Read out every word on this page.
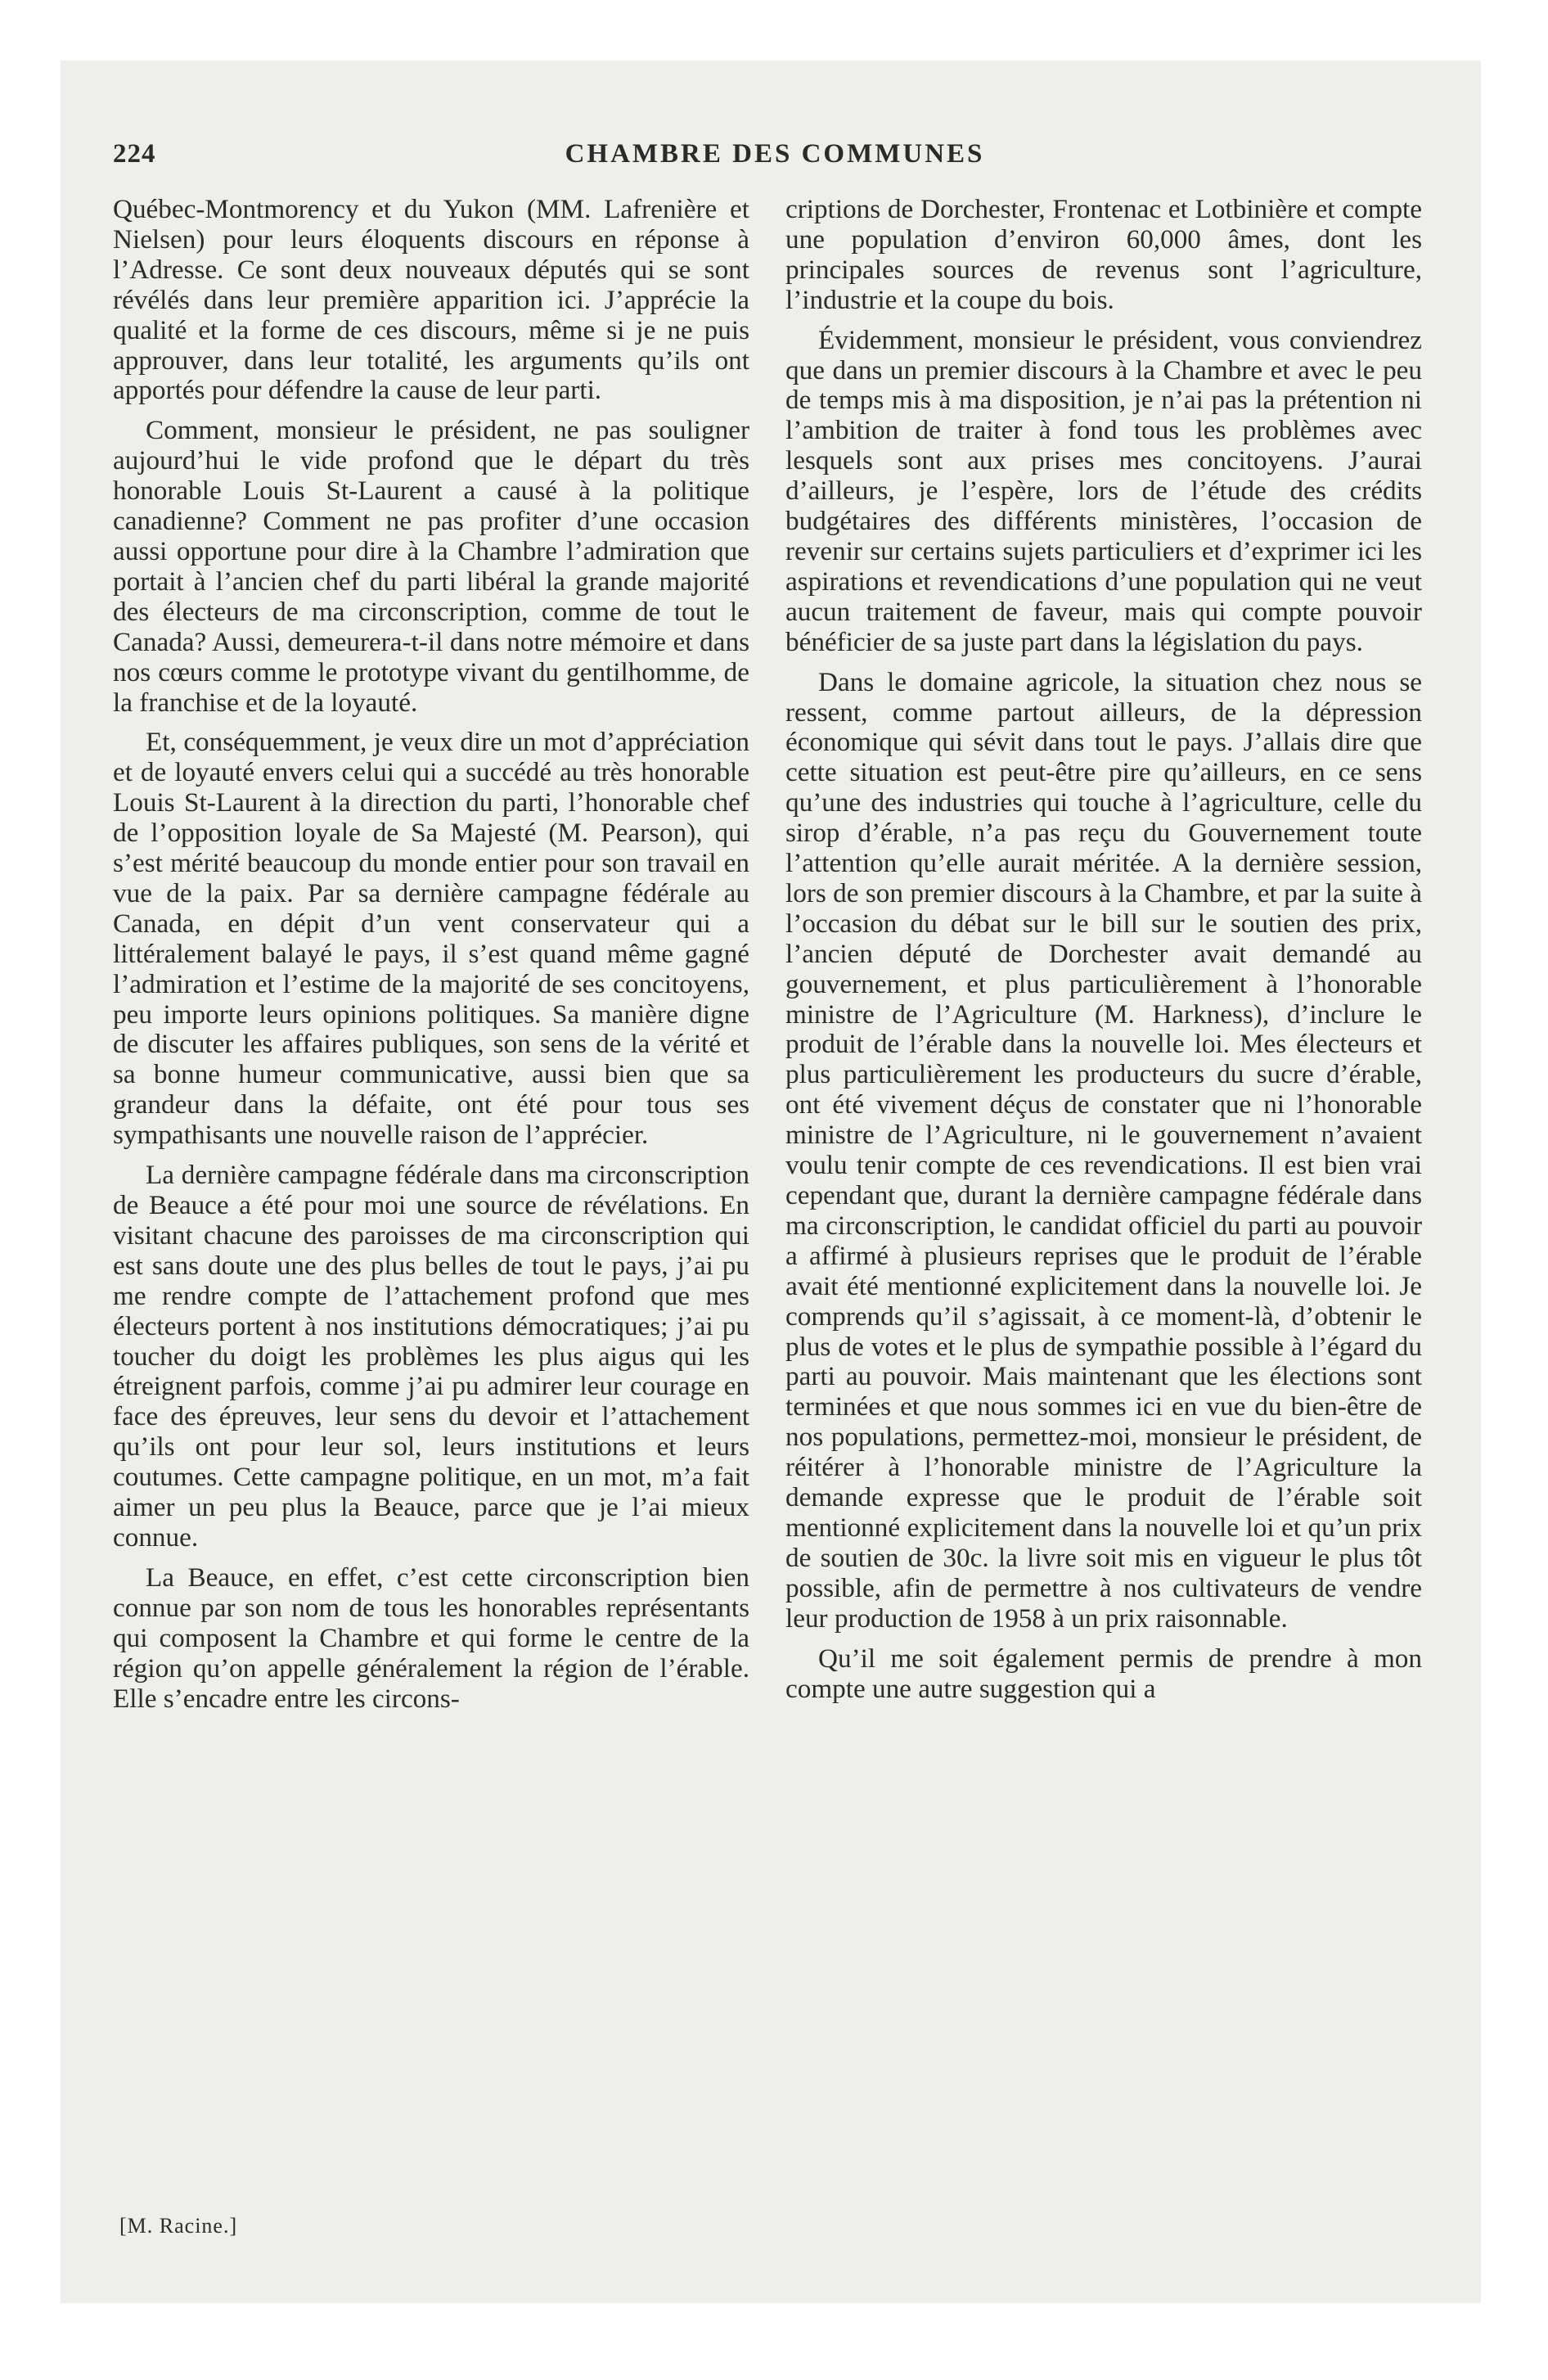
224	CHAMBRE DES COMMUNES

Québec-Montmorency et du Yukon (MM. Lafrenière et Nielsen) pour leurs éloquents discours en réponse à l’Adresse. Ce sont deux nouveaux députés qui se sont révélés dans leur première apparition ici. J’apprécie la qualité et la forme de ces discours, même si je ne puis approuver, dans leur totalité, les arguments qu’ils ont apportés pour défendre la cause de leur parti.

Comment, monsieur le président, ne pas souligner aujourd’hui le vide profond que le départ du très honorable Louis St-Laurent a causé à la politique canadienne? Comment ne pas profiter d’une occasion aussi opportune pour dire à la Chambre l’admiration que portait à l’ancien chef du parti libéral la grande majorité des électeurs de ma circonscription, comme de tout le Canada? Aussi, demeurera-t-il dans notre mémoire et dans nos cœurs comme le prototype vivant du gentilhomme, de la franchise et de la loyauté.

Et, conséquemment, je veux dire un mot d’appréciation et de loyauté envers celui qui a succédé au très honorable Louis St-Laurent à la direction du parti, l’honorable chef de l’opposition loyale de Sa Majesté (M. Pearson), qui s’est mérité beaucoup du monde entier pour son travail en vue de la paix. Par sa dernière campagne fédérale au Canada, en dépit d’un vent conservateur qui a littéralement balayé le pays, il s’est quand même gagné l’admiration et l’estime de la majorité de ses concitoyens, peu importe leurs opinions politiques. Sa manière digne de discuter les affaires publiques, son sens de la vérité et sa bonne humeur communicative, aussi bien que sa grandeur dans la défaite, ont été pour tous ses sympathisants une nouvelle raison de l’apprécier.

La dernière campagne fédérale dans ma circonscription de Beauce a été pour moi une source de révélations. En visitant chacune des paroisses de ma circonscription qui est sans doute une des plus belles de tout le pays, j’ai pu me rendre compte de l’attachement profond que mes électeurs portent à nos institutions démocratiques; j’ai pu toucher du doigt les problèmes les plus aigus qui les étreignent parfois, comme j’ai pu admirer leur courage en face des épreuves, leur sens du devoir et l’attachement qu’ils ont pour leur sol, leurs institutions et leurs coutumes. Cette campagne politique, en un mot, m’a fait aimer un peu plus la Beauce, parce que je l’ai mieux connue.

La Beauce, en effet, c’est cette circonscription bien connue par son nom de tous les honorables représentants qui composent la Chambre et qui forme le centre de la région qu’on appelle généralement la région de l’érable. Elle s’encadre entre les circons-

criptions de Dorchester, Frontenac et Lotbinière et compte une population d’environ 60,000 âmes, dont les principales sources de revenus sont l’agriculture, l’industrie et la coupe du bois.

Évidemment, monsieur le président, vous conviendrez que dans un premier discours à la Chambre et avec le peu de temps mis à ma disposition, je n’ai pas la prétention ni l’ambition de traiter à fond tous les problèmes avec lesquels sont aux prises mes concitoyens. J’aurai d’ailleurs, je l’espère, lors de l’étude des crédits budgétaires des différents ministères, l’occasion de revenir sur certains sujets particuliers et d’exprimer ici les aspirations et revendications d’une population qui ne veut aucun traitement de faveur, mais qui compte pouvoir bénéficier de sa juste part dans la législation du pays.

Dans le domaine agricole, la situation chez nous se ressent, comme partout ailleurs, de la dépression économique qui sévit dans tout le pays. J’allais dire que cette situation est peut-être pire qu’ailleurs, en ce sens qu’une des industries qui touche à l’agriculture, celle du sirop d’érable, n’a pas reçu du Gouvernement toute l’attention qu’elle aurait méritée. A la dernière session, lors de son premier discours à la Chambre, et par la suite à l’occasion du débat sur le bill sur le soutien des prix, l’ancien député de Dorchester avait demandé au gouvernement, et plus particulièrement à l’honorable ministre de l’Agriculture (M. Harkness), d’inclure le produit de l’érable dans la nouvelle loi. Mes électeurs et plus particulièrement les producteurs du sucre d’érable, ont été vivement déçus de constater que ni l’honorable ministre de l’Agriculture, ni le gouvernement n’avaient voulu tenir compte de ces revendications. Il est bien vrai cependant que, durant la dernière campagne fédérale dans ma circonscription, le candidat officiel du parti au pouvoir a affirmé à plusieurs reprises que le produit de l’érable avait été mentionné explicitement dans la nouvelle loi. Je comprends qu’il s’agissait, à ce moment-là, d’obtenir le plus de votes et le plus de sympathie possible à l’égard du parti au pouvoir. Mais maintenant que les élections sont terminées et que nous sommes ici en vue du bien-être de nos populations, permettez-moi, monsieur le président, de réitérer à l’honorable ministre de l’Agriculture la demande expresse que le produit de l’érable soit mentionné explicitement dans la nouvelle loi et qu’un prix de soutien de 30c. la livre soit mis en vigueur le plus tôt possible, afin de permettre à nos cultivateurs de vendre leur production de 1958 à un prix raisonnable.

Qu’il me soit également permis de prendre à mon compte une autre suggestion qui a

[M. Racine.]
